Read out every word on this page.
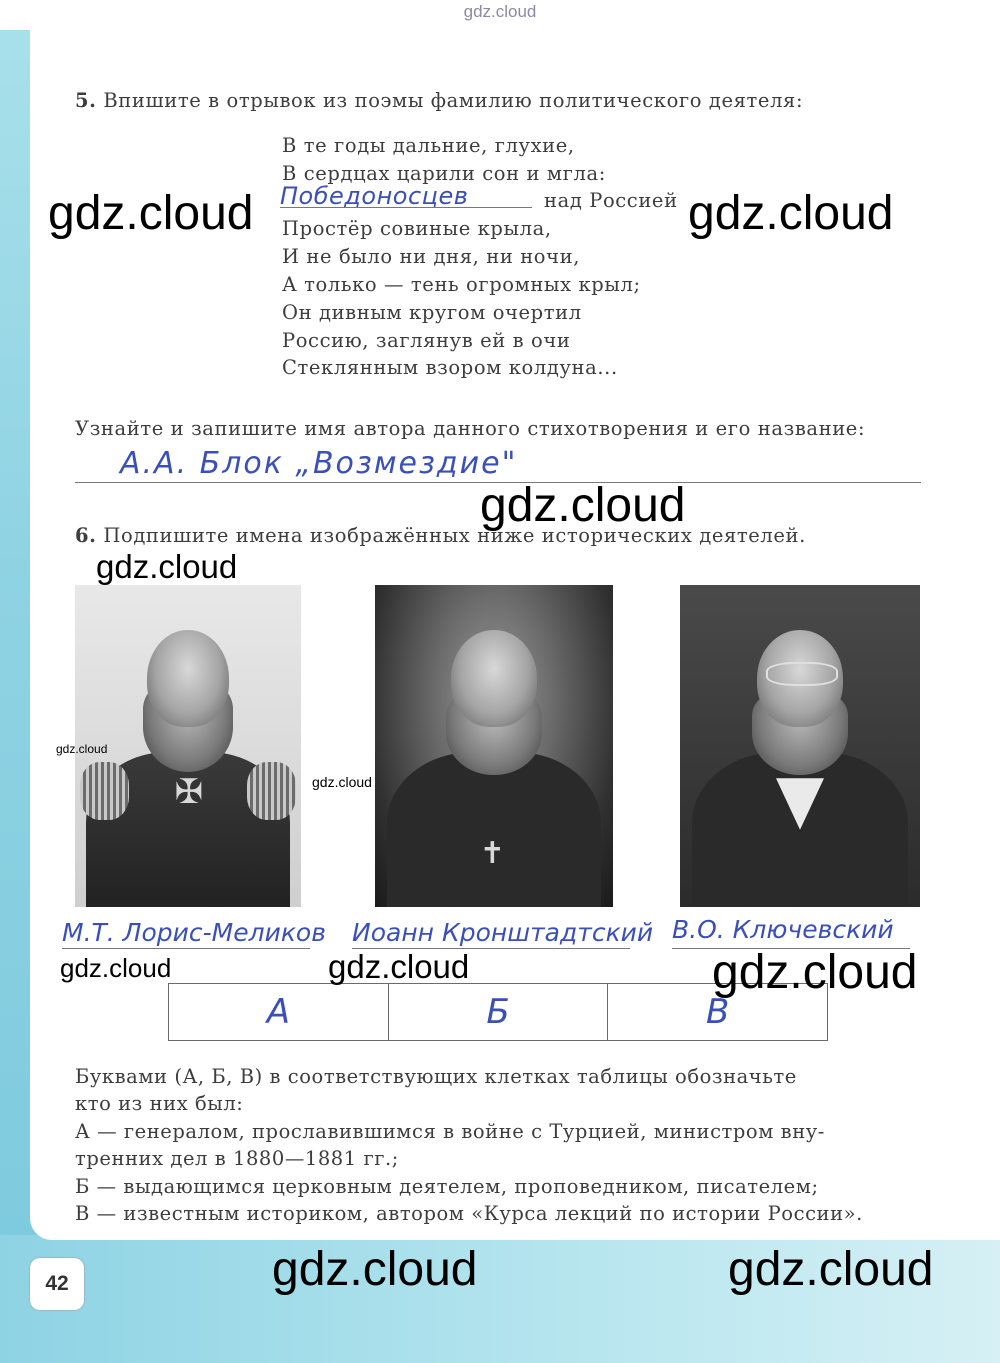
gdz.cloud
5. Впишите в отрывок из поэмы фамилию политического деятеля:
В те годы дальние, глухие,
В сердцах царили сон и мгла:
Простёр совиные крыла,
И не было ни дня, ни ночи,
А только — тень огромных крыл;
Он дивным кругом очертил
Россию, заглянув ей в очи
Стеклянным взором колдуна...
Победоносцев	над Россией
Узнайте и запишите имя автора данного стихотворения и его название:
А.А. Блок „Возмездие"
6. Подпишите имена изображённых ниже исторических деятелей.
✠
✝
М.Т. Лорис-Меликов Иоанн Кронштадтский В.О. Ключевский
А	Б	В
Буквами (А, Б, В) в соответствующих клетках таблицы обозначьте
кто из них был:
А — генералом, прославившимся в войне с Турцией, министром вну-
тренних дел в 1880—1881 гг.;
Б — выдающимся церковным деятелем, проповедником, писателем;
В — известным историком, автором «Курса лекций по истории России».
42
gdz.cloud	gdz.cloud
gdz.cloud
gdz.cloud
gdz.cloud
gdz.cloud
gdz.cloud	gdz.cloud	gdz.cloud
gdz.cloud	gdz.cloud
